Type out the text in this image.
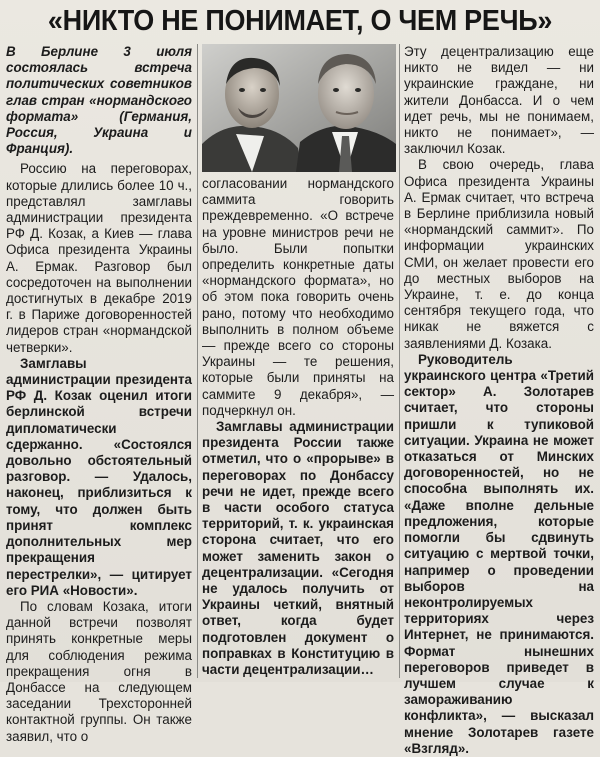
«НИКТО НЕ ПОНИМАЕТ, О ЧЕМ РЕЧЬ»

В Берлине 3 июля состоялась встреча политических советников глав стран «нормандского формата» (Германия, Россия, Украина и Франция).

Россию на переговорах, которые длились более 10 ч., представлял замглавы администрации президента РФ Д. Козак, а Киев — глава Офиса президента Украины А. Ермак. Разговор был сосредоточен на выполнении достигнутых в декабре 2019 г. в Париже договоренностей лидеров стран «нормандской четверки».

Замглавы администрации президента РФ Д. Козак оценил итоги берлинской встречи дипломатически сдержанно. «Состоялся довольно обстоятельный разговор. — Удалось, наконец, приблизиться к тому, что должен быть принят комплекс дополнительных мер прекращения перестрелки», — цитирует его РИА «Новости».

По словам Козака, итоги данной встречи позволят принять конкретные меры для соблюдения режима прекращения огня в Донбассе на следующем заседании Трехсторонней контактной группы. Он также заявил, что о

согласовании нормандского саммита говорить преждевременно. «О встрече на уровне министров речи не было. Были попытки определить конкретные даты «нормандского формата», но об этом пока говорить очень рано, потому что необходимо выполнить в полном объеме — прежде всего со стороны Украины — те решения, которые были приняты на саммите 9 декабря», — подчеркнул он.

Замглавы администрации президента России также отметил, что о «прорыве» в переговорах по Донбассу речи не идет, прежде всего в части особого статуса территорий, т. к. украинская сторона считает, что его может заменить закон о децентрализации. «Сегодня не удалось получить от Украины четкий, внятный ответ, когда будет подготовлен документ о поправках в Конституцию в части децентрализации…

Эту децентрализацию еще никто не видел — ни украинские граждане, ни жители Донбасса. И о чем идет речь, мы не понимаем, никто не понимает», — заключил Козак.

В свою очередь, глава Офиса президента Украины А. Ермак считает, что встреча в Берлине приблизила новый «нормандский саммит». По информации украинских СМИ, он желает провести его до местных выборов на Украине, т. е. до конца сентября текущего года, что никак не вяжется с заявлениями Д. Козака.

Руководитель украинского центра «Третий сектор» А. Золотарев считает, что стороны пришли к тупиковой ситуации. Украина не может отказаться от Минских договоренностей, но не способна выполнять их. «Даже вполне дельные предложения, которые помогли бы сдвинуть ситуацию с мертвой точки, например о проведении выборов на неконтролируемых территориях через Интернет, не принимаются. Формат нынешних переговоров приведет в лучшем случае к замораживанию конфликта», — высказал мнение Золотарев газете «Взгляд».
